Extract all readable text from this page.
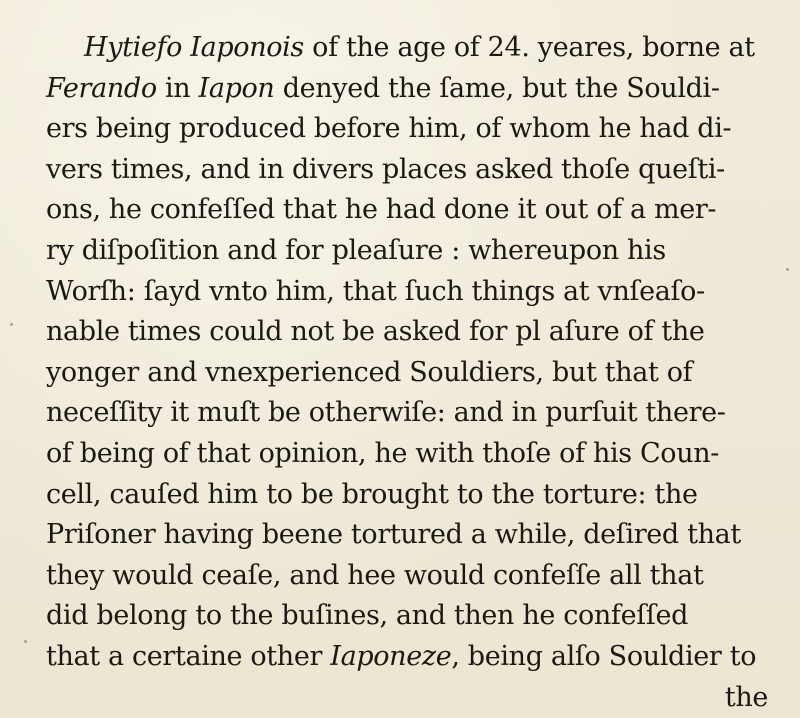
Hytiefo Iaponois of the age of 24. yeares, borne at
Ferando in Iapon denyed the ſame, but the Souldi-
ers being produced before him, of whom he had di-
vers times, and in divers places asked thoſe queſti-
ons, he confeſſed that he had done it out of a mer-
ry diſpoſition and for pleaſure : whereupon his
Worſh: ſayd vnto him, that ſuch things at vnſeaſo-
nable times could not be asked for pl aſure of the
yonger and vnexperienced Souldiers, but that of
neceſſity it muſt be otherwiſe: and in purſuit there-
of being of that opinion, he with thoſe of his Coun-
cell, cauſed him to be brought to the torture: the
Priſoner having beene tortured a while, deſired that
they would ceaſe, and hee would confeſſe all that
did belong to the buſines, and then he confeſſed
that a certaine other Iaponeze, being alſo Souldier to
the
